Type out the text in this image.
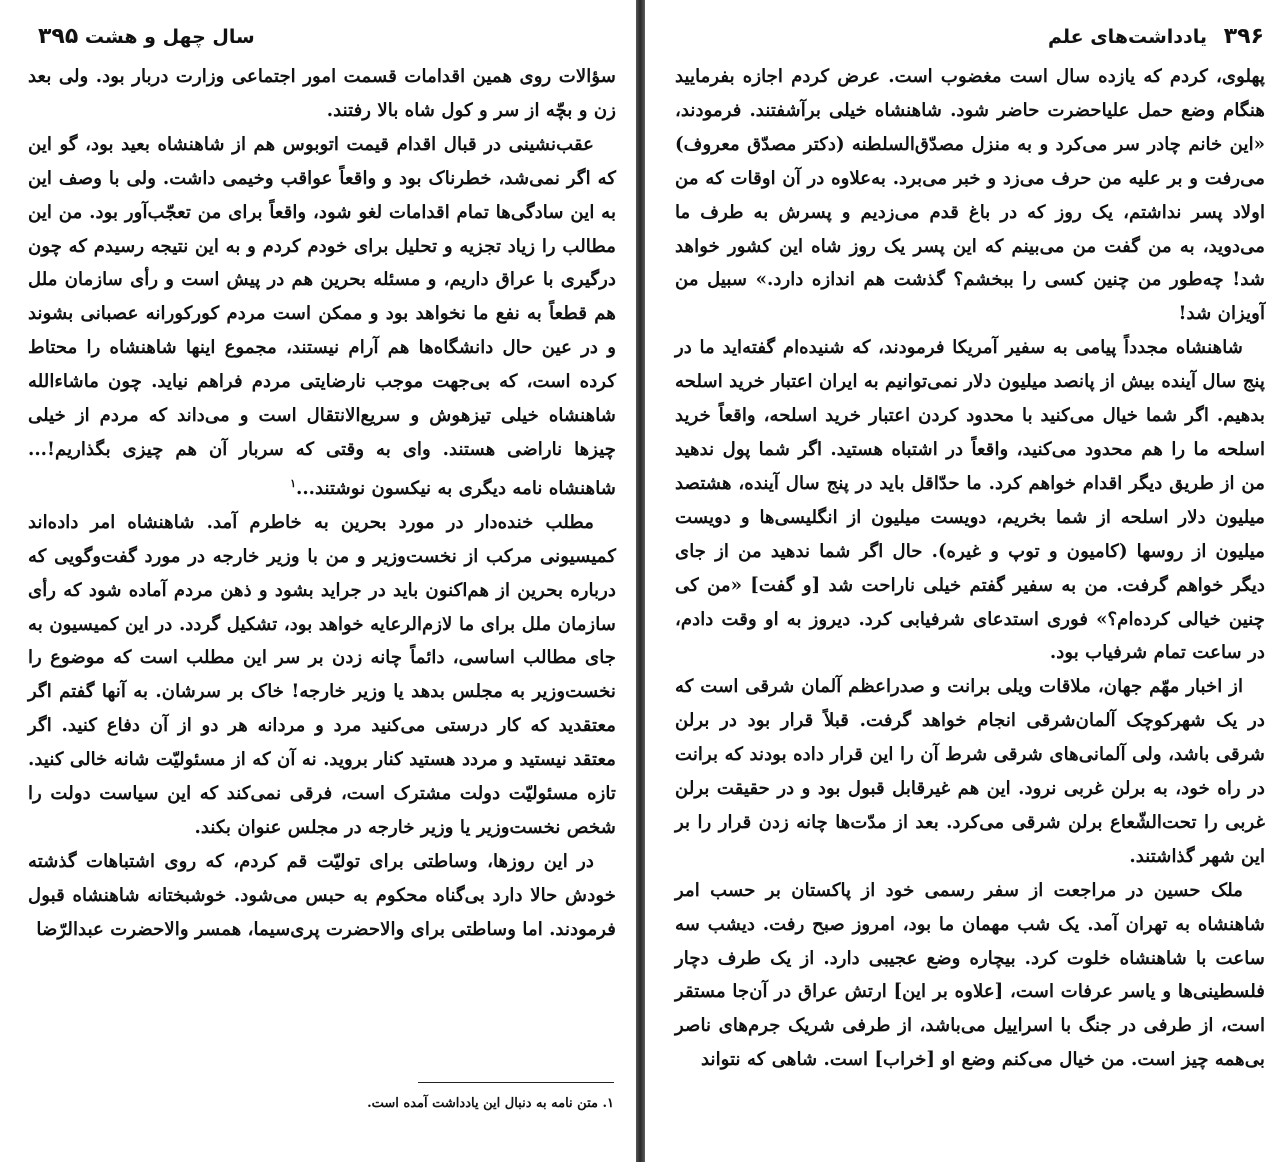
سال چهل و هشت ۳۹۵

سؤالات روی همین اقدامات قسمت امور اجتماعی وزارت دربار بود. ولی بعد زن و بچّه از سر و کول شاه بالا رفتند.

عقب‌نشینی در قبال اقدام قیمت اتوبوس هم از شاهنشاه بعید بود، گو این که اگر نمی‌شد، خطرناک بود و واقعاً عواقب وخیمی داشت. ولی با وصف این به این سادگی‌ها تمام اقدامات لغو شود، واقعاً برای من تعجّب‌آور بود. من این مطالب را زیاد تجزیه و تحلیل برای خودم کردم و به این نتیجه رسیدم که چون درگیری با عراق داریم، و مسئله بحرین هم در پیش است و رأی سازمان ملل هم قطعاً به نفع ما نخواهد بود و ممکن است مردم کورکورانه عصبانی بشوند و در عین حال دانشگاه‌ها هم آرام نیستند، مجموع اینها شاهنشاه را محتاط کرده است، که بی‌جهت موجب نارضایتی مردم فراهم نیاید. چون ماشاءالله شاهنشاه خیلی تیزهوش و سریع‌الانتقال است و می‌داند که مردم از خیلی چیزها ناراضی هستند. وای به وقتی که سربار آن هم چیزی بگذاریم!... شاهنشاه نامه دیگری به نیکسون نوشتند...$^۱$

مطلب خنده‌دار در مورد بحرین به خاطرم آمد. شاهنشاه امر داده‌اند کمیسیونی مرکب از نخست‌وزیر و من با وزیر خارجه در مورد گفت‌وگویی که درباره بحرین از هم‌اکنون باید در جراید بشود و ذهن مردم آماده شود که رأی سازمان ملل برای ما لازم‌الرعایه خواهد بود، تشکیل گردد. در این کمیسیون به جای مطالب اساسی، دائماً چانه زدن بر سر این مطلب است که موضوع را نخست‌وزیر به مجلس بدهد یا وزیر خارجه! خاک بر سرشان. به آنها گفتم اگر معتقدید که کار درستی می‌کنید مرد و مردانه هر دو از آن دفاع کنید. اگر معتقد نیستید و مردد هستید کنار بروید. نه آن که از مسئولیّت شانه خالی کنید. تازه مسئولیّت دولت مشترک است، فرقی نمی‌کند که این سیاست دولت را شخص نخست‌وزیر یا وزیر خارجه در مجلس عنوان بکند.

در این روزها، وساطتی برای تولیّت قم کردم، که روی اشتباهات گذشته خودش حالا دارد بی‌گناه محکوم به حبس می‌شود. خوشبختانه شاهنشاه قبول فرمودند. اما وساطتی برای والاحضرت پری‌سیما، همسر والاحضرت عبدالرّضا

۱. متن نامه به دنبال این یادداشت آمده است.
۳۹۶ یادداشت‌های علم

پهلوی، کردم که یازده سال است مغضوب است. عرض کردم اجازه بفرمایید هنگام وضع حمل علیاحضرت حاضر شود. شاهنشاه خیلی برآشفتند. فرمودند، «این خانم چادر سر می‌کرد و به منزل مصدّق‌السلطنه (دکتر مصدّق معروف) می‌رفت و بر علیه من حرف می‌زد و خبر می‌برد. به‌علاوه در آن اوقات که من اولاد پسر نداشتم، یک روز که در باغ قدم می‌زدیم و پسرش به طرف ما می‌دوید، به من گفت من می‌بینم که این پسر یک روز شاه این کشور خواهد شد! چه‌طور من چنین کسی را ببخشم؟ گذشت هم اندازه دارد.» سبیل من آویزان شد!

شاهنشاه مجدداً پیامی به سفیر آمریکا فرمودند، که شنیده‌ام گفته‌اید ما در پنج سال آینده بیش از پانصد میلیون دلار نمی‌توانیم به ایران اعتبار خرید اسلحه بدهیم. اگر شما خیال می‌کنید با محدود کردن اعتبار خرید اسلحه، واقعاً خرید اسلحه ما را هم محدود می‌کنید، واقعاً در اشتباه هستید. اگر شما پول ندهید من از طریق دیگر اقدام خواهم کرد. ما حدّاقل باید در پنج سال آینده، هشتصد میلیون دلار اسلحه از شما بخریم، دویست میلیون از انگلیسی‌ها و دویست میلیون از روسها (کامیون و توپ و غیره). حال اگر شما ندهید من از جای دیگر خواهم گرفت. من به سفیر گفتم خیلی ناراحت شد [و گفت] «من کی چنین خیالی کرده‌ام؟» فوری استدعای شرفیابی کرد. دیروز به او وقت دادم، در ساعت تمام شرفیاب بود.

از اخبار مهّم جهان، ملاقات ویلی برانت و صدراعظم آلمان شرقی است که در یک شهرکوچک آلمان‌شرقی انجام خواهد گرفت. قبلاً قرار بود در برلن شرقی باشد، ولی آلمانی‌های شرقی شرط آن را این قرار داده بودند که برانت در راه خود، به برلن غربی نرود. این هم غیرقابل قبول بود و در حقیقت برلن غربی را تحت‌الشّعاع برلن شرقی می‌کرد. بعد از مدّت‌ها چانه زدن قرار را بر این شهر گذاشتند.

ملک حسین در مراجعت از سفر رسمی خود از پاکستان بر حسب امر شاهنشاه به تهران آمد. یک شب مهمان ما بود، امروز صبح رفت. دیشب سه ساعت با شاهنشاه خلوت کرد. بیچاره وضع عجیبی دارد. از یک طرف دچار فلسطینی‌ها و یاسر عرفات است، [علاوه بر این] ارتش عراق در آن‌جا مستقر است، از طرفی در جنگ با اسراییل می‌باشد، از طرفی شریک جرم‌های ناصر بی‌همه چیز است. من خیال می‌کنم وضع او [خراب] است. شاهی که نتواند
